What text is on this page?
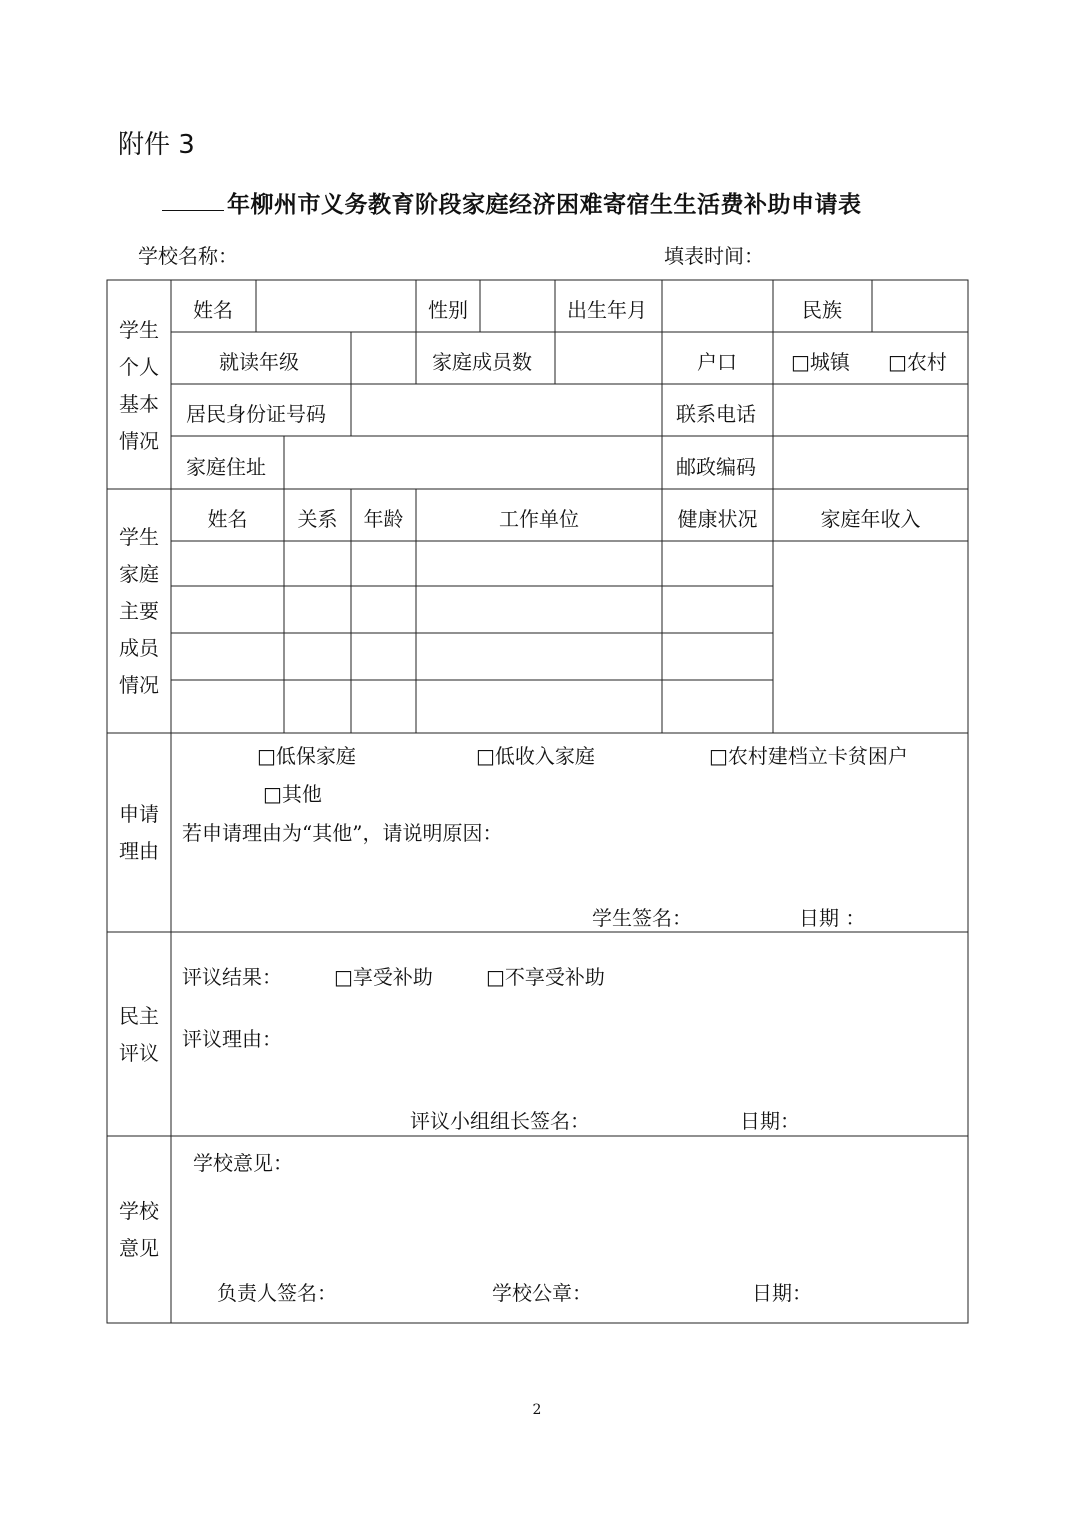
附件 3
年柳州市义务教育阶段家庭经济困难寄宿生生活费补助申请表
学校名称：	填表时间：
学生个人基本情况
姓名	性别	出生年月	民族
就读年级	家庭成员数	户口	□城镇 □农村
居民身份证号码	联系电话
家庭住址	邮政编码
学生家庭主要成员情况
姓名	关系	年龄	工作单位	健康状况	家庭年收入
申请理由
□低保家庭	□低收入家庭	□农村建档立卡贫困户
□其他
若申请理由为“其他”，请说明原因：
学生签名：	日期 ：
民主评议
评议结果：	□享受补助	□不享受补助
评议理由：
评议小组组长签名：	日期：
学校意见
学校意见：
负责人签名：	学校公章：	日期：
2
